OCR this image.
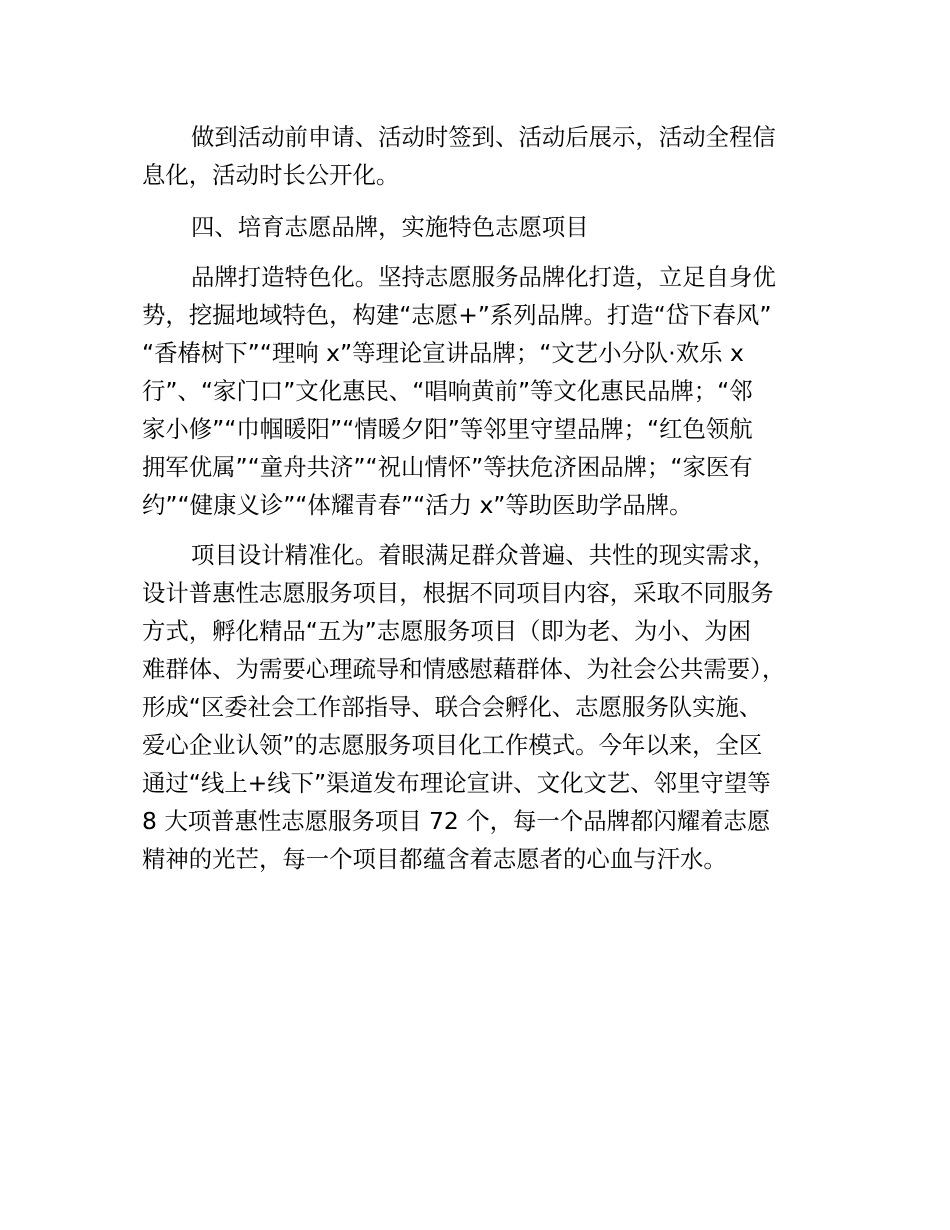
做到活动前申请、活动时签到、活动后展示，活动全程信
息化，活动时长公开化。

四、培育志愿品牌，实施特色志愿项目

品牌打造特色化。坚持志愿服务品牌化打造，立足自身优
势，挖掘地域特色，构建“志愿+”系列品牌。打造“岱下春风”
“香椿树下”“理响 x”等理论宣讲品牌；“文艺小分队·欢乐 x
行”、“家门口”文化惠民、“唱响黄前”等文化惠民品牌；“邻
家小修”“巾帼暖阳”“情暖夕阳”等邻里守望品牌；“红色领航
拥军优属”“童舟共济”“祝山情怀”等扶危济困品牌；“家医有
约”“健康义诊”“体耀青春”“活力 x”等助医助学品牌。

项目设计精准化。着眼满足群众普遍、共性的现实需求，
设计普惠性志愿服务项目，根据不同项目内容，采取不同服务
方式，孵化精品“五为”志愿服务项目（即为老、为小、为困
难群体、为需要心理疏导和情感慰藉群体、为社会公共需要），
形成“区委社会工作部指导、联合会孵化、志愿服务队实施、
爱心企业认领”的志愿服务项目化工作模式。今年以来，全区
通过“线上+线下”渠道发布理论宣讲、文化文艺、邻里守望等
8 大项普惠性志愿服务项目 72 个，每一个品牌都闪耀着志愿
精神的光芒，每一个项目都蕴含着志愿者的心血与汗水。
